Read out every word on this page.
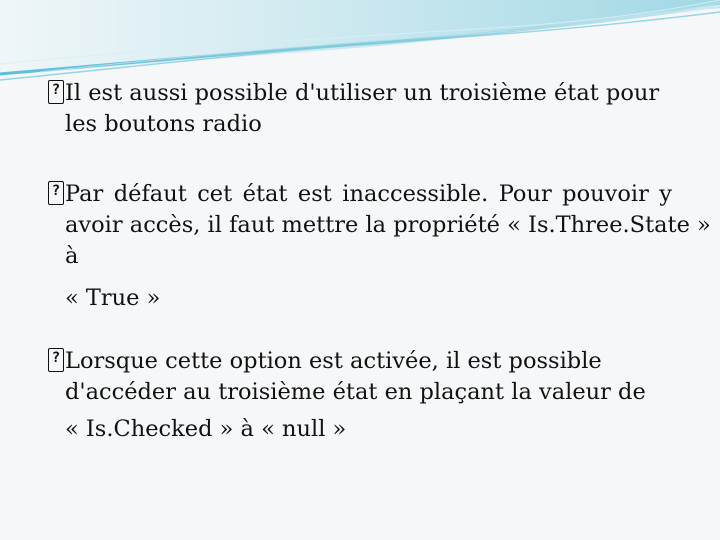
? Il est aussi possible d'utiliser un troisième état pour
les boutons radio

? Par défaut cet état est inaccessible. Pour pouvoir y
avoir accès, il faut mettre la propriété « Is.Three.State »
à
« True »

? Lorsque cette option est activée, il est possible
d'accéder au troisième état en plaçant la valeur de
« Is.Checked » à « null »
